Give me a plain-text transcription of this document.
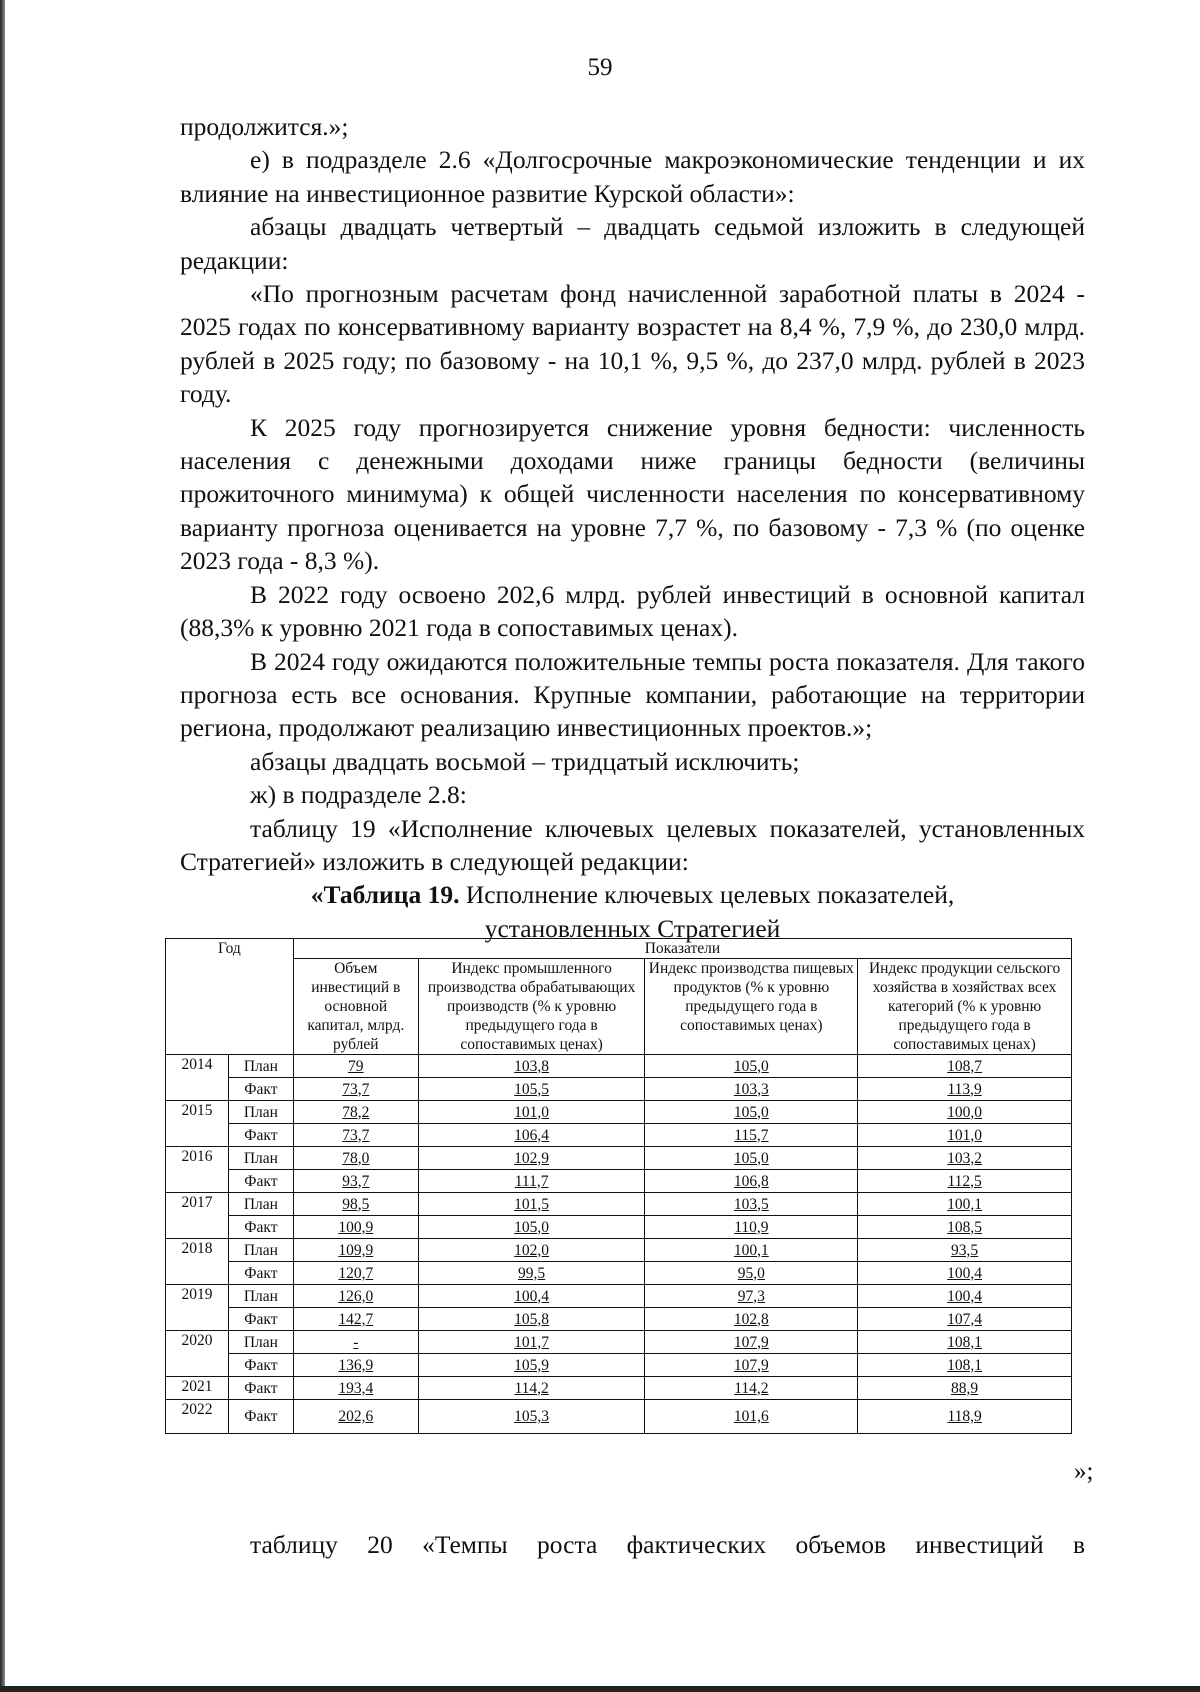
59

продолжится.»;

е) в подразделе 2.6 «Долгосрочные макроэкономические тенденции и их влияние на инвестиционное развитие Курской области»:

абзацы двадцать четвертый – двадцать седьмой изложить в следующей редакции:

«По прогнозным расчетам фонд начисленной заработной платы в 2024 - 2025 годах по консервативному варианту возрастет на 8,4 %, 7,9 %, до 230,0 млрд. рублей в 2025 году; по базовому - на 10,1 %, 9,5 %, до 237,0 млрд. рублей в 2023 году.

К 2025 году прогнозируется снижение уровня бедности: численность населения с денежными доходами ниже границы бедности (величины прожиточного минимума) к общей численности населения по консервативному варианту прогноза оценивается на уровне 7,7 %, по базовому - 7,3 % (по оценке 2023 года - 8,3 %).

В 2022 году освоено 202,6 млрд. рублей инвестиций в основной капитал (88,3% к уровню 2021 года в сопоставимых ценах).

В 2024 году ожидаются положительные темпы роста показателя. Для такого прогноза есть все основания. Крупные компании, работающие на территории региона, продолжают реализацию инвестиционных проектов.»;

абзацы двадцать восьмой – тридцатый исключить;

ж) в подразделе 2.8:

таблицу 19 «Исполнение ключевых целевых показателей, установленных Стратегией» изложить в следующей редакции:

«Таблица 19. Исполнение ключевых целевых показателей,

установленных Стратегией

Год		Показатели			
		Объем инвестиций в основной капитал, млрд. рублей	Индекс промышленного производства обрабатывающих производств (% к уровню предыдущего года в сопоставимых ценах)	Индекс производства пищевых продуктов (% к уровню предыдущего года в сопоставимых ценах)	Индекс продукции сельского хозяйства в хозяйствах всех категорий (% к уровню предыдущего года в сопоставимых ценах)
2014	План	79	103,8	105,0	108,7
	Факт	73,7	105,5	103,3	113,9
2015	План	78,2	101,0	105,0	100,0
	Факт	73,7	106,4	115,7	101,0
2016	План	78,0	102,9	105,0	103,2
	Факт	93,7	111,7	106,8	112,5
2017	План	98,5	101,5	103,5	100,1
	Факт	100,9	105,0	110,9	108,5
2018	План	109,9	102,0	100,1	93,5
	Факт	120,7	99,5	95,0	100,4
2019	План	126,0	100,4	97,3	100,4
	Факт	142,7	105,8	102,8	107,4
2020	План	-	101,7	107,9	108,1
	Факт	136,9	105,9	107,9	108,1
2021	Факт	193,4	114,2	114,2	88,9
2022	Факт	202,6	105,3	101,6	118,9
»;
таблицу 20 «Темпы роста фактических объемов инвестиций в
